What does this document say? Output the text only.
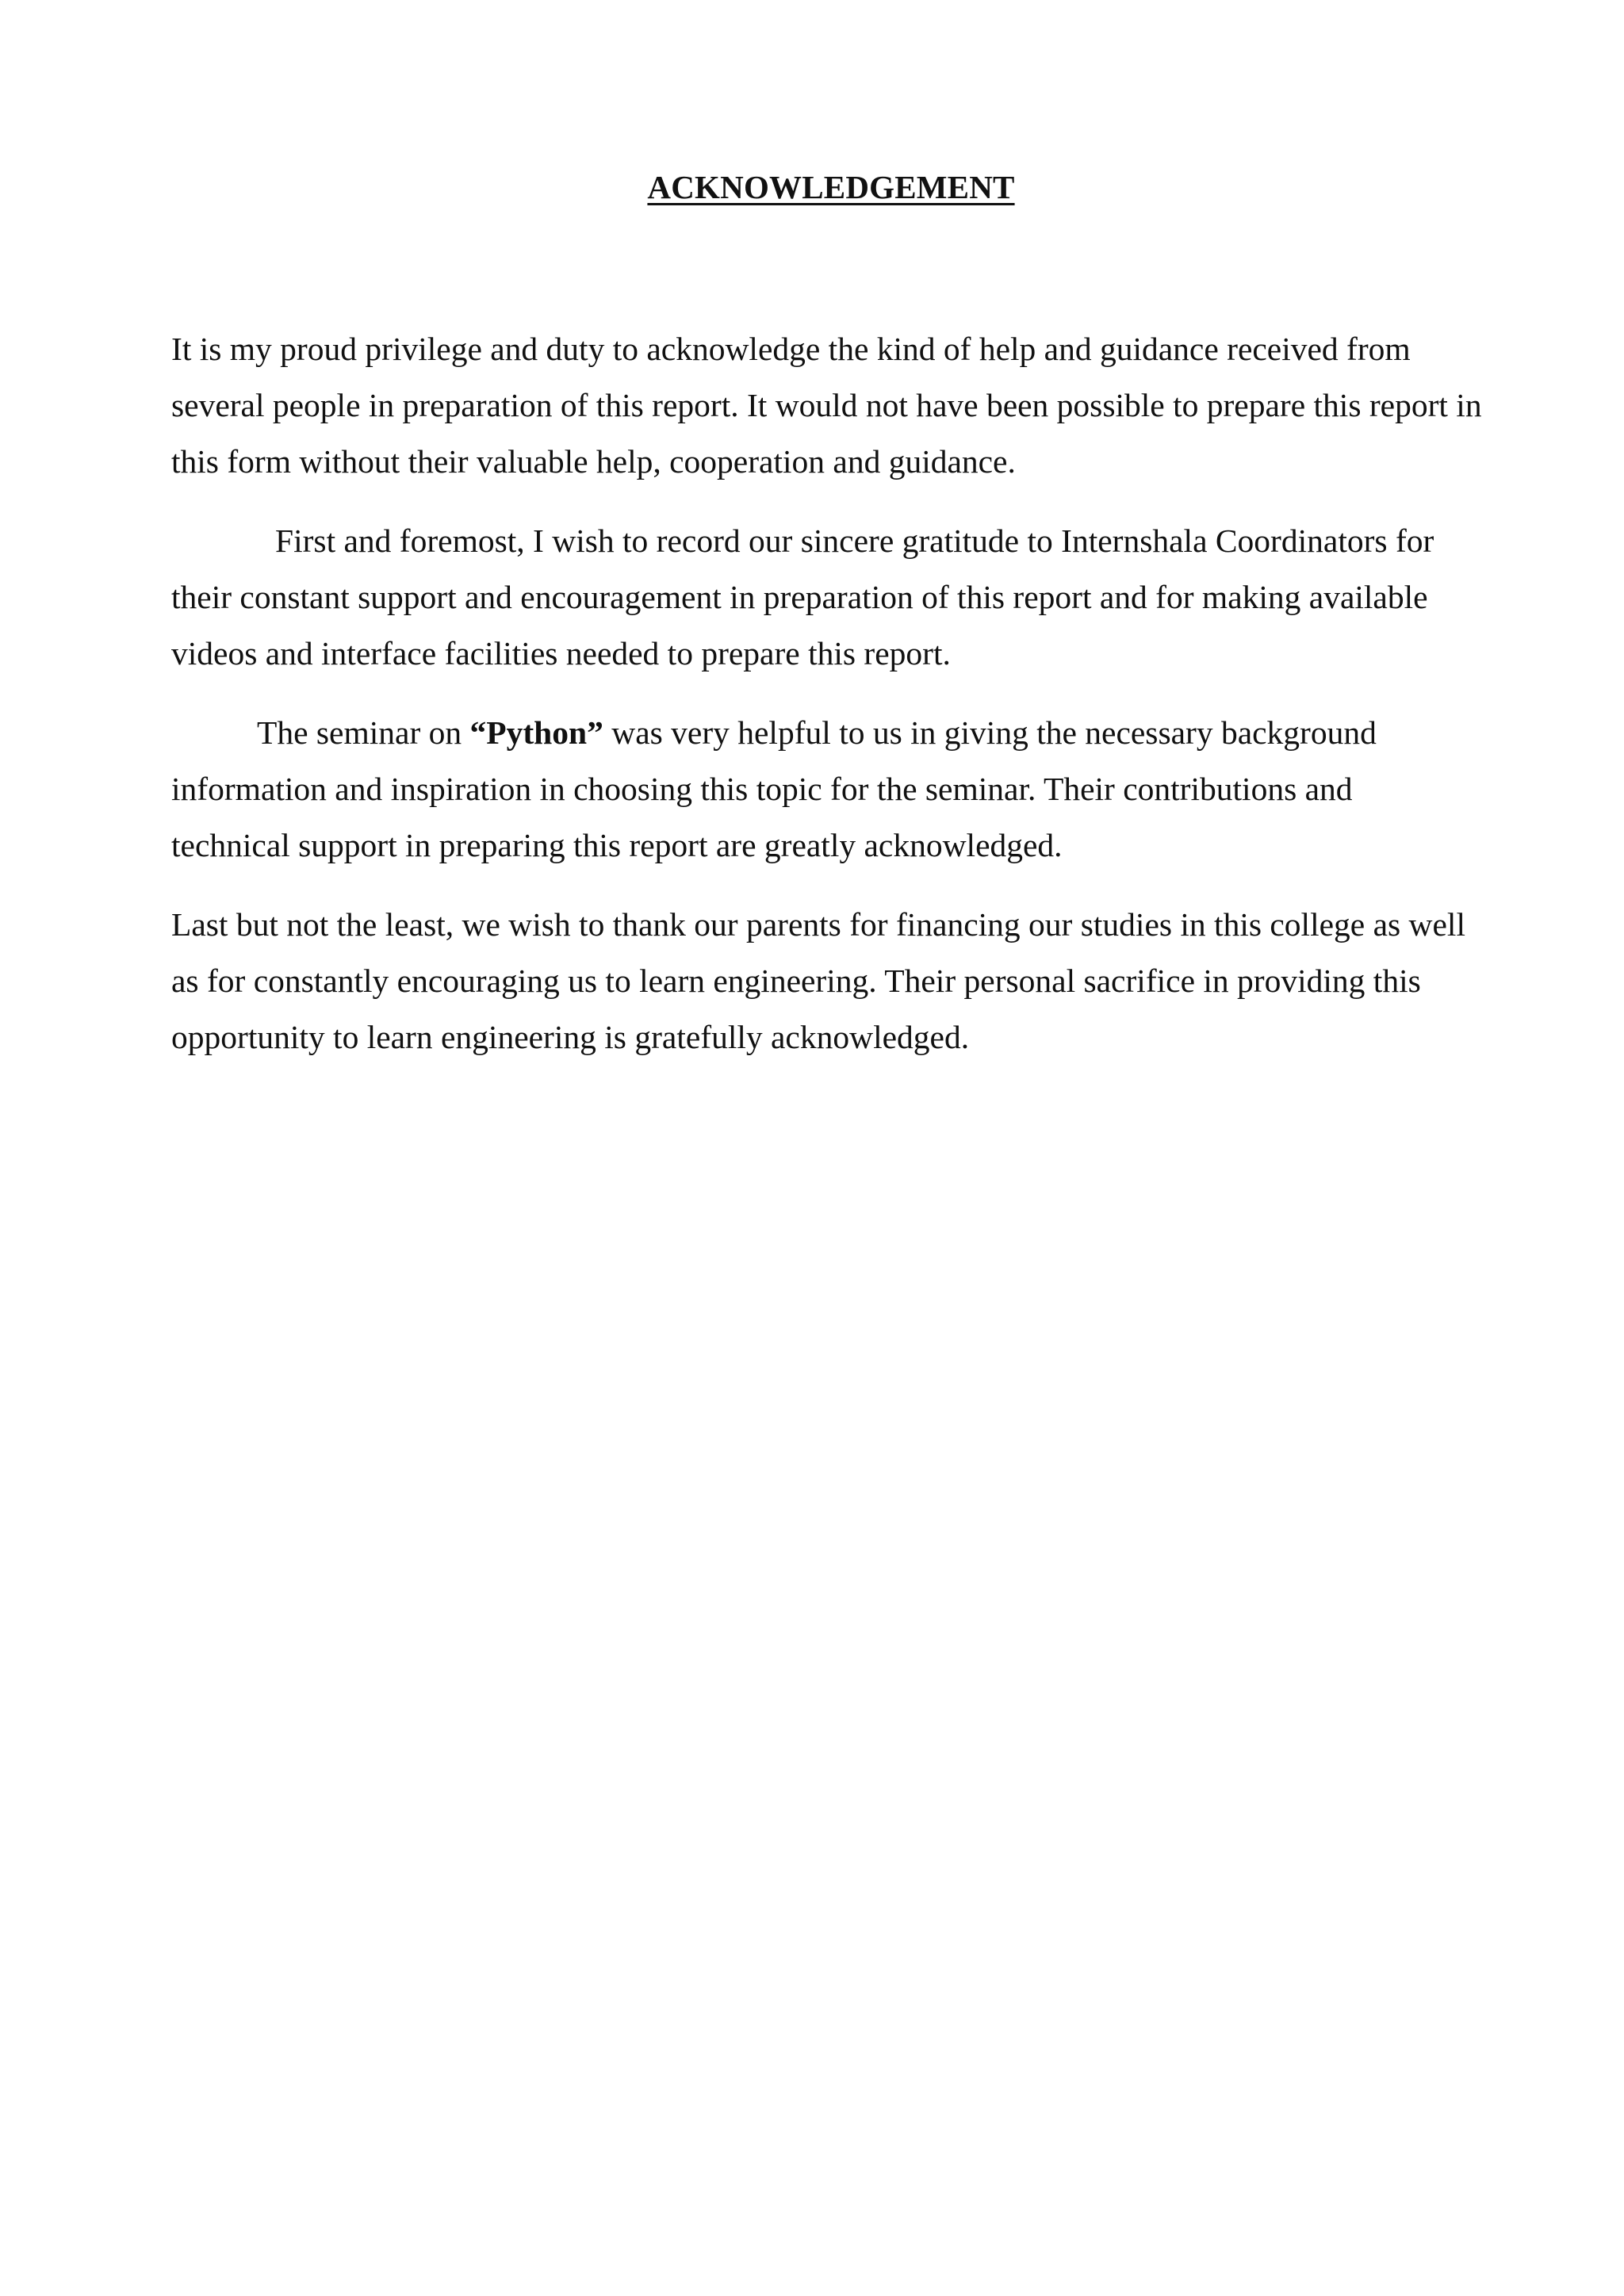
ACKNOWLEDGEMENT

It is my proud privilege and duty to acknowledge the kind of help and guidance received from
several people in preparation of this report. It would not have been possible to prepare this report in
this form without their valuable help, cooperation and guidance.

First and foremost, I wish to record our sincere gratitude to Internshala Coordinators for
their constant support and encouragement in preparation of this report and for making available
videos and interface facilities needed to prepare this report.

The seminar on “Python” was very helpful to us in giving the necessary background
information and inspiration in choosing this topic for the seminar. Their contributions and
technical support in preparing this report are greatly acknowledged.

Last but not the least, we wish to thank our parents for financing our studies in this college as well
as for constantly encouraging us to learn engineering. Their personal sacrifice in providing this
opportunity to learn engineering is gratefully acknowledged.
